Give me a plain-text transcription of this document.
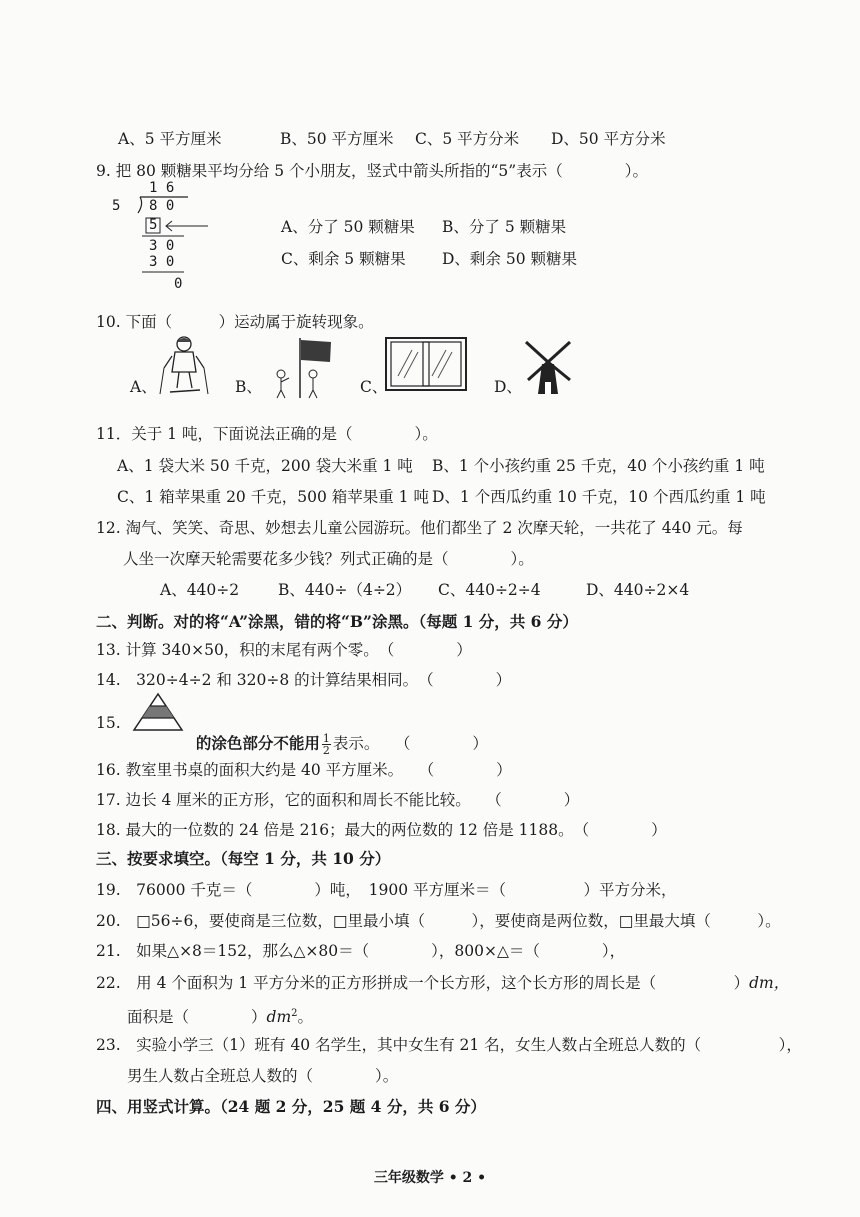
A、5 平方厘米	B、50 平方厘米 C、5 平方分米 D、50 平方分米
9. 把 80 颗糖果平均分给 5 个小朋友，竖式中箭头所指的“5”表示（　　　　）。
1 6
5 8 0
5
3 0
3 0
0
A、分了 50 颗糖果 B、分了 5 颗糖果
C、剩余 5 颗糖果 D、剩余 50 颗糖果
10. 下面（　　　）运动属于旋转现象。
A、	B、	C、	D、
11．关于 1 吨，下面说法正确的是（　　　　）。
A、1 袋大米 50 千克，200 袋大米重 1 吨 B、1 个小孩约重 25 千克，40 个小孩约重 1 吨
C、1 箱苹果重 20 千克，500 箱苹果重 1 吨 D、1 个西瓜约重 10 千克，10 个西瓜约重 1 吨
12. 淘气、笑笑、奇思、妙想去儿童公园游玩。他们都坐了 2 次摩天轮，一共花了 440 元。每
人坐一次摩天轮需要花多少钱？列式正确的是（　　　　）。
A、440÷2	B、440÷（4÷2） C、440÷2÷4	D、440÷2×4
二、判断。对的将“A”涂黑，错的将“B”涂黑。（每题 1 分，共 6 分）
13. 计算 340×50，积的末尾有两个零。　（　　　　）
14.　320÷4÷2 和 320÷8 的计算结果相同。　（　　　　）
15.

的涂色部分不能用 $\frac{1}{2}$ 表示。　　（　　　　）

16. 教室里书桌的面积大约是 40 平方厘米。　　（　　　　）
17. 边长 4 厘米的正方形，它的面积和周长不能比较。　　（　　　　）
18. 最大的一位数的 24 倍是 216；最大的两位数的 12 倍是 1188。　（　　　　）
三、按要求填空。（每空 1 分，共 10 分）
19.　76000 千克＝（　　　　）吨，　1900 平方厘米＝（　　　　　）平方分米，
20.　□56÷6，要使商是三位数，□里最小填（　　　），要使商是两位数，□里最大填（　　　）。
21.　如果△×8＝152，那么△×80＝（　　　　），800×△＝（　　　　），
22.　用 4 个面积为 1 平方分米的正方形拼成一个长方形，这个长方形的周长是（　　　　　）dm，
面积是（　　　　）$dm^2$。
23.　实验小学三（1）班有 40 名学生，其中女生有 21 名，女生人数占全班总人数的（　　　　　），
男生人数占全班总人数的（　　　　）。
四、用竖式计算。（24 题 2 分，25 题 4 分，共 6 分）
三年级数学 • 2 •
